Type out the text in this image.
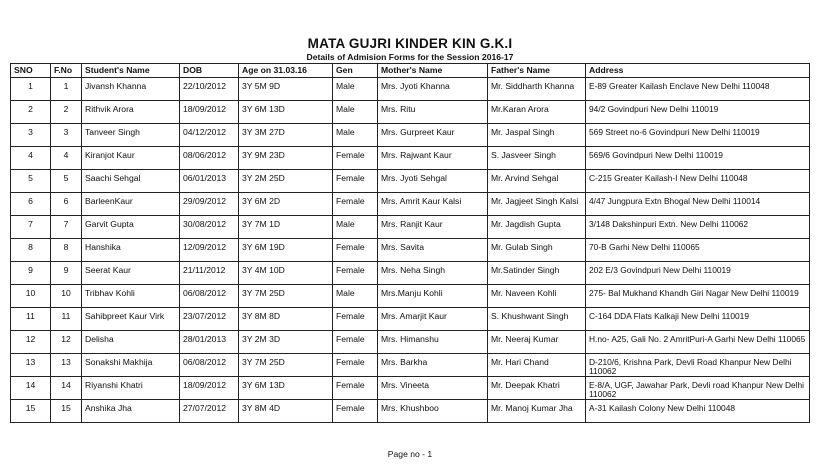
MATA GUJRI KINDER KIN G.K.I
Details of Admision Forms for the Session 2016-17
SNO	F.No	Student's Name	DOB	Age on 31.03.16	Gen	Mother's Name	Father's Name	Address
1	1	Jivansh Khanna	22/10/2012	3Y 5M 9D	Male	Mrs. Jyoti Khanna	Mr. Siddharth Khanna	E-89 Greater Kailash Enclave New Delhi 110048
2	2	Rithvik Arora	18/09/2012	3Y 6M 13D	Male	Mrs. Ritu	Mr.Karan Arora	94/2 Govindpuri New Delhi 110019
3	3	Tanveer Singh	04/12/2012	3Y 3M 27D	Male	Mrs. Gurpreet Kaur	Mr. Jaspal Singh	569 Street no-6 Govindpuri New Delhi 110019
4	4	Kiranjot Kaur	08/06/2012	3Y 9M 23D	Female	Mrs. Rajwant Kaur	S. Jasveer Singh	569/6 Govindpuri New Delhi 110019
5	5	Saachi Sehgal	06/01/2013	3Y 2M 25D	Female	Mrs. Jyoti Sehgal	Mr. Arvind Sehgal	C-215 Greater Kailash-I New Delhi 110048
6	6	BarleenKaur	29/09/2012	3Y 6M 2D	Female	Mrs. Amrit Kaur Kalsi	Mr. Jagjeet Singh Kalsi	4/47 Jungpura Extn Bhogal New Delhi 110014
7	7	Garvit Gupta	30/08/2012	3Y 7M 1D	Male	Mrs. Ranjit Kaur	Mr. Jagdish Gupta	3/148 Dakshinpuri Extn. New Delhi 110062
8	8	Hanshika	12/09/2012	3Y 6M 19D	Female	Mrs. Savita	Mr. Gulab Singh	70-B Garhi New Delhi 110065
9	9	Seerat Kaur	21/11/2012	3Y 4M 10D	Female	Mrs. Neha Singh	Mr.Satinder Singh	202 E/3 Govindpuri New Delhi 110019
10	10	Tribhav Kohli	06/08/2012	3Y 7M 25D	Male	Mrs.Manju Kohli	Mr. Naveen Kohli	275- Bal Mukhand Khandh Giri Nagar New Delhi 110019
11	11	Sahibpreet Kaur Virk	23/07/2012	3Y 8M 8D	Female	Mrs. Amarjit Kaur	S. Khushwant Singh	C-164 DDA Flats Kalkaji New Delhi 110019
12	12	Delisha	28/01/2013	3Y 2M 3D	Female	Mrs. Himanshu	Mr. Neeraj Kumar	H.no- A25, Gali No. 2 AmritPuri-A Garhi New Delhi 110065
13	13	Sonakshi Makhija	06/08/2012	3Y 7M 25D	Female	Mrs. Barkha	Mr. Hari Chand	D-210/6, Krishna Park, Devli Road Khanpur New Delhi 110062
14	14	Riyanshi Khatri	18/09/2012	3Y 6M 13D	Female	Mrs. Vineeta	Mr. Deepak Khatri	E-8/A, UGF, Jawahar Park, Devli road Khanpur New Delhi 110062
15	15	Anshika Jha	27/07/2012	3Y 8M 4D	Female	Mrs. Khushboo	Mr. Manoj Kumar Jha	A-31 Kailash Colony New Delhi 110048
Page no - 1
